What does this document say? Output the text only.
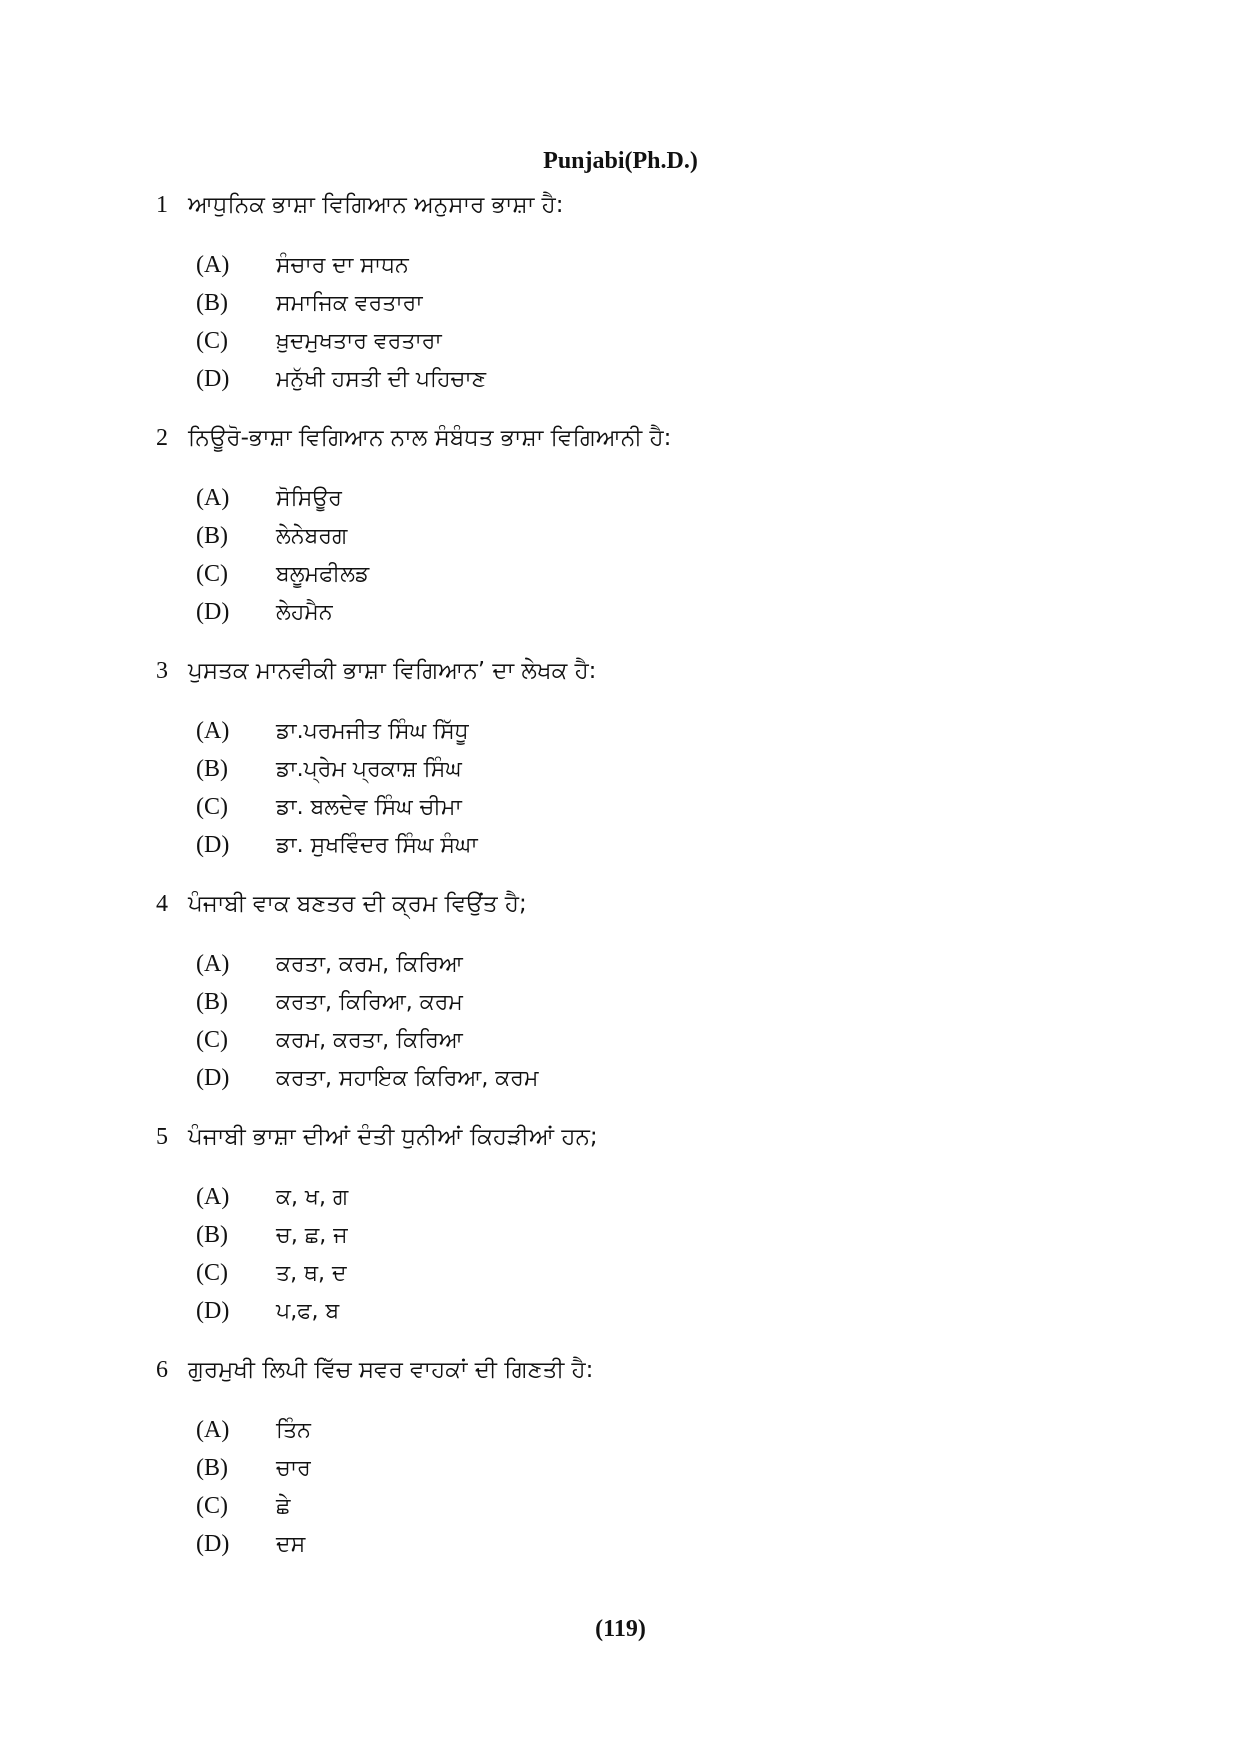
Punjabi(Ph.D.)
1 ਆਧੁਨਿਕ ਭਾਸ਼ਾ ਵਿਗਿਆਨ ਅਨੁਸਾਰ ਭਾਸ਼ਾ ਹੈ:
(A)	ਸੰਚਾਰ ਦਾ ਸਾਧਨ
(B)	ਸਮਾਜਿਕ ਵਰਤਾਰਾ
(C)	ਖ਼ੁਦਮੁਖਤਾਰ ਵਰਤਾਰਾ
(D)	ਮਨੁੱਖੀ ਹਸਤੀ ਦੀ ਪਹਿਚਾਣ
2 ਨਿਊਰੋ-ਭਾਸ਼ਾ ਵਿਗਿਆਨ ਨਾਲ ਸੰਬੰਧਤ ਭਾਸ਼ਾ ਵਿਗਿਆਨੀ ਹੈ:
(A)	ਸੋਸਿਊਰ
(B)	ਲੇਨੇਬਰਗ
(C)	ਬਲੂਮਫੀਲਡ
(D)	ਲੇਹਮੈਨ
3 ਪੁਸਤਕ ਮਾਨਵੀਕੀ ਭਾਸ਼ਾ ਵਿਗਿਆਨ’ ਦਾ ਲੇਖਕ ਹੈ:
(A)	ਡਾ.ਪਰਮਜੀਤ ਸਿੰਘ ਸਿੱਧੂ
(B)	ਡਾ.ਪ੍ਰੇਮ ਪ੍ਰਕਾਸ਼ ਸਿੰਘ
(C)	ਡਾ. ਬਲਦੇਵ ਸਿੰਘ ਚੀਮਾ
(D)	ਡਾ. ਸੁਖਵਿੰਦਰ ਸਿੰਘ ਸੰਘਾ
4 ਪੰਜਾਬੀ ਵਾਕ ਬਣਤਰ ਦੀ ਕ੍ਰਮ ਵਿਉਂਤ ਹੈ;
(A)	ਕਰਤਾ, ਕਰਮ, ਕਿਰਿਆ
(B)	ਕਰਤਾ, ਕਿਰਿਆ, ਕਰਮ
(C)	ਕਰਮ, ਕਰਤਾ, ਕਿਰਿਆ
(D)	ਕਰਤਾ, ਸਹਾਇਕ ਕਿਰਿਆ, ਕਰਮ
5 ਪੰਜਾਬੀ ਭਾਸ਼ਾ ਦੀਆਂ ਦੰਤੀ ਧੁਨੀਆਂ ਕਿਹੜੀਆਂ ਹਨ;
(A)	ਕ, ਖ, ਗ
(B)	ਚ, ਛ, ਜ
(C)	ਤ, ਥ, ਦ
(D)	ਪ,ਫ, ਬ
6 ਗੁਰਮੁਖੀ ਲਿਪੀ ਵਿੱਚ ਸਵਰ ਵਾਹਕਾਂ ਦੀ ਗਿਣਤੀ ਹੈ:
(A)	ਤਿੰਨ
(B)	ਚਾਰ
(C)	ਛੇ
(D)	ਦਸ
(119)
